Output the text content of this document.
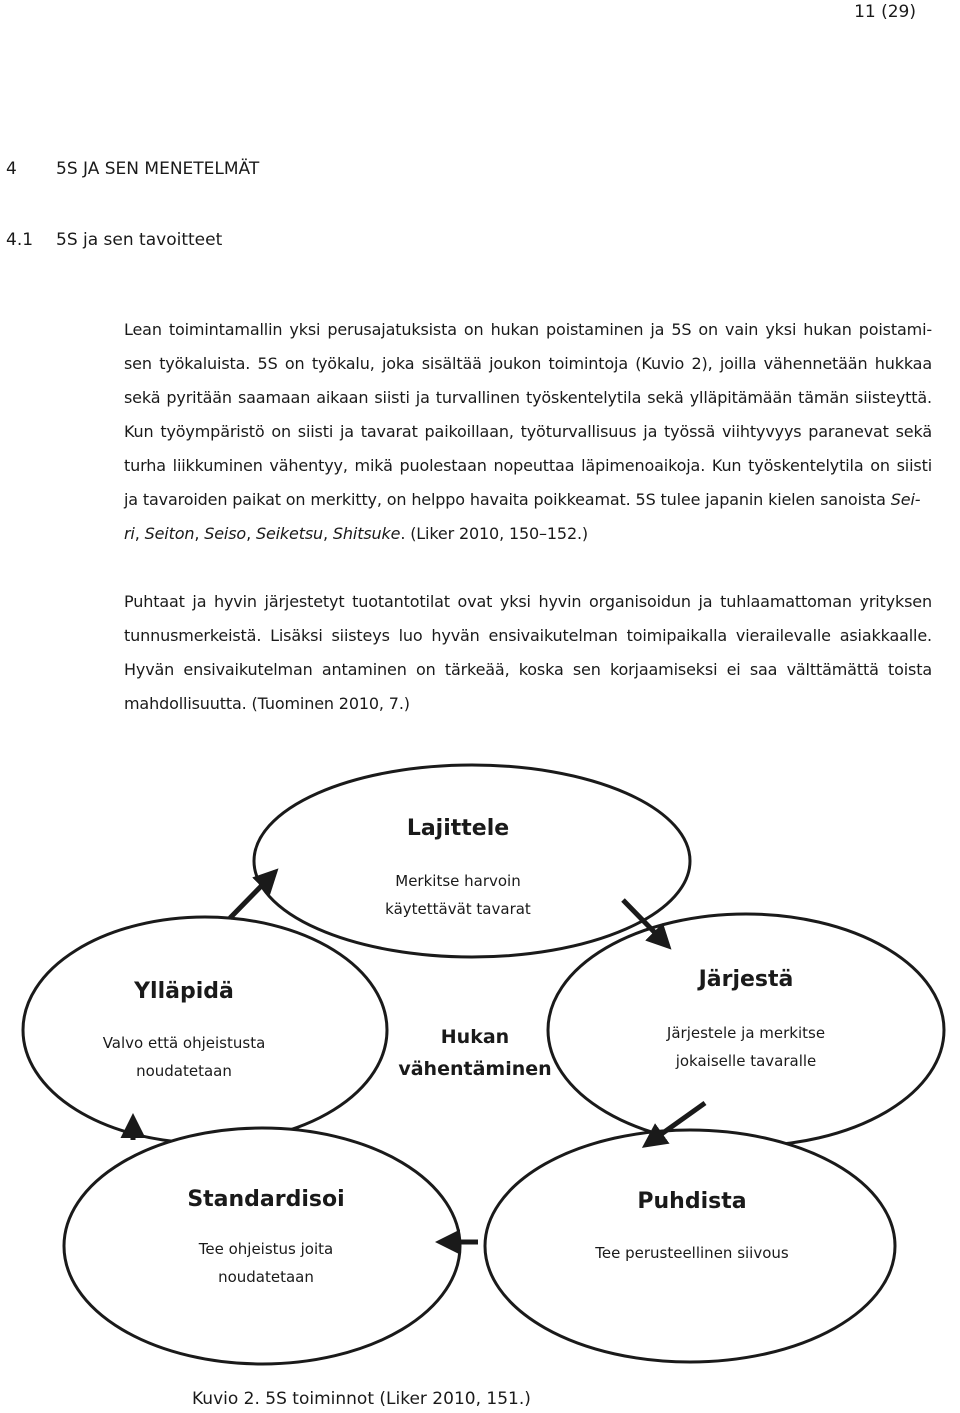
11 (29)
4 5S JA SEN MENETELMÄT
4.1 5S ja sen tavoitteet
Lean toimintamallin yksi perusajatuksista on hukan poistaminen ja 5S on vain yksi hukan poistami-
sen työkaluista. 5S on työkalu, joka sisältää joukon toimintoja (Kuvio 2), joilla vähennetään hukkaa
sekä pyritään saamaan aikaan siisti ja turvallinen työskentelytila sekä ylläpitämään tämän siisteyttä.
Kun työympäristö on siisti ja tavarat paikoillaan, työturvallisuus ja työssä viihtyvyys paranevat sekä
turha liikkuminen vähentyy, mikä puolestaan nopeuttaa läpimenoaikoja. Kun työskentelytila on siisti
ja tavaroiden paikat on merkitty, on helppo havaita poikkeamat. 5S tulee japanin kielen sanoista Sei-
ri, Seiton, Seiso, Seiketsu, Shitsuke. (Liker 2010, 150–152.)
Puhtaat ja hyvin järjestetyt tuotantotilat ovat yksi hyvin organisoidun ja tuhlaamattoman yrityksen
tunnusmerkeistä. Lisäksi siisteys luo hyvän ensivaikutelman toimipaikalla vierailevalle asiakkaalle.
Hyvän ensivaikutelman antaminen on tärkeää, koska sen korjaamiseksi ei saa välttämättä toista
mahdollisuutta. (Tuominen 2010, 7.)
Lajittele
Merkitse harvoin
käytettävät tavarat
Ylläpidä
Valvo että ohjeistusta
noudatetaan
Järjestä
Järjestele ja merkitse
jokaiselle tavaralle
Hukan
vähentäminen
Standardisoi
Tee ohjeistus joita
noudatetaan
Puhdista
Tee perusteellinen siivous
Kuvio 2. 5S toiminnot (Liker 2010, 151.)
